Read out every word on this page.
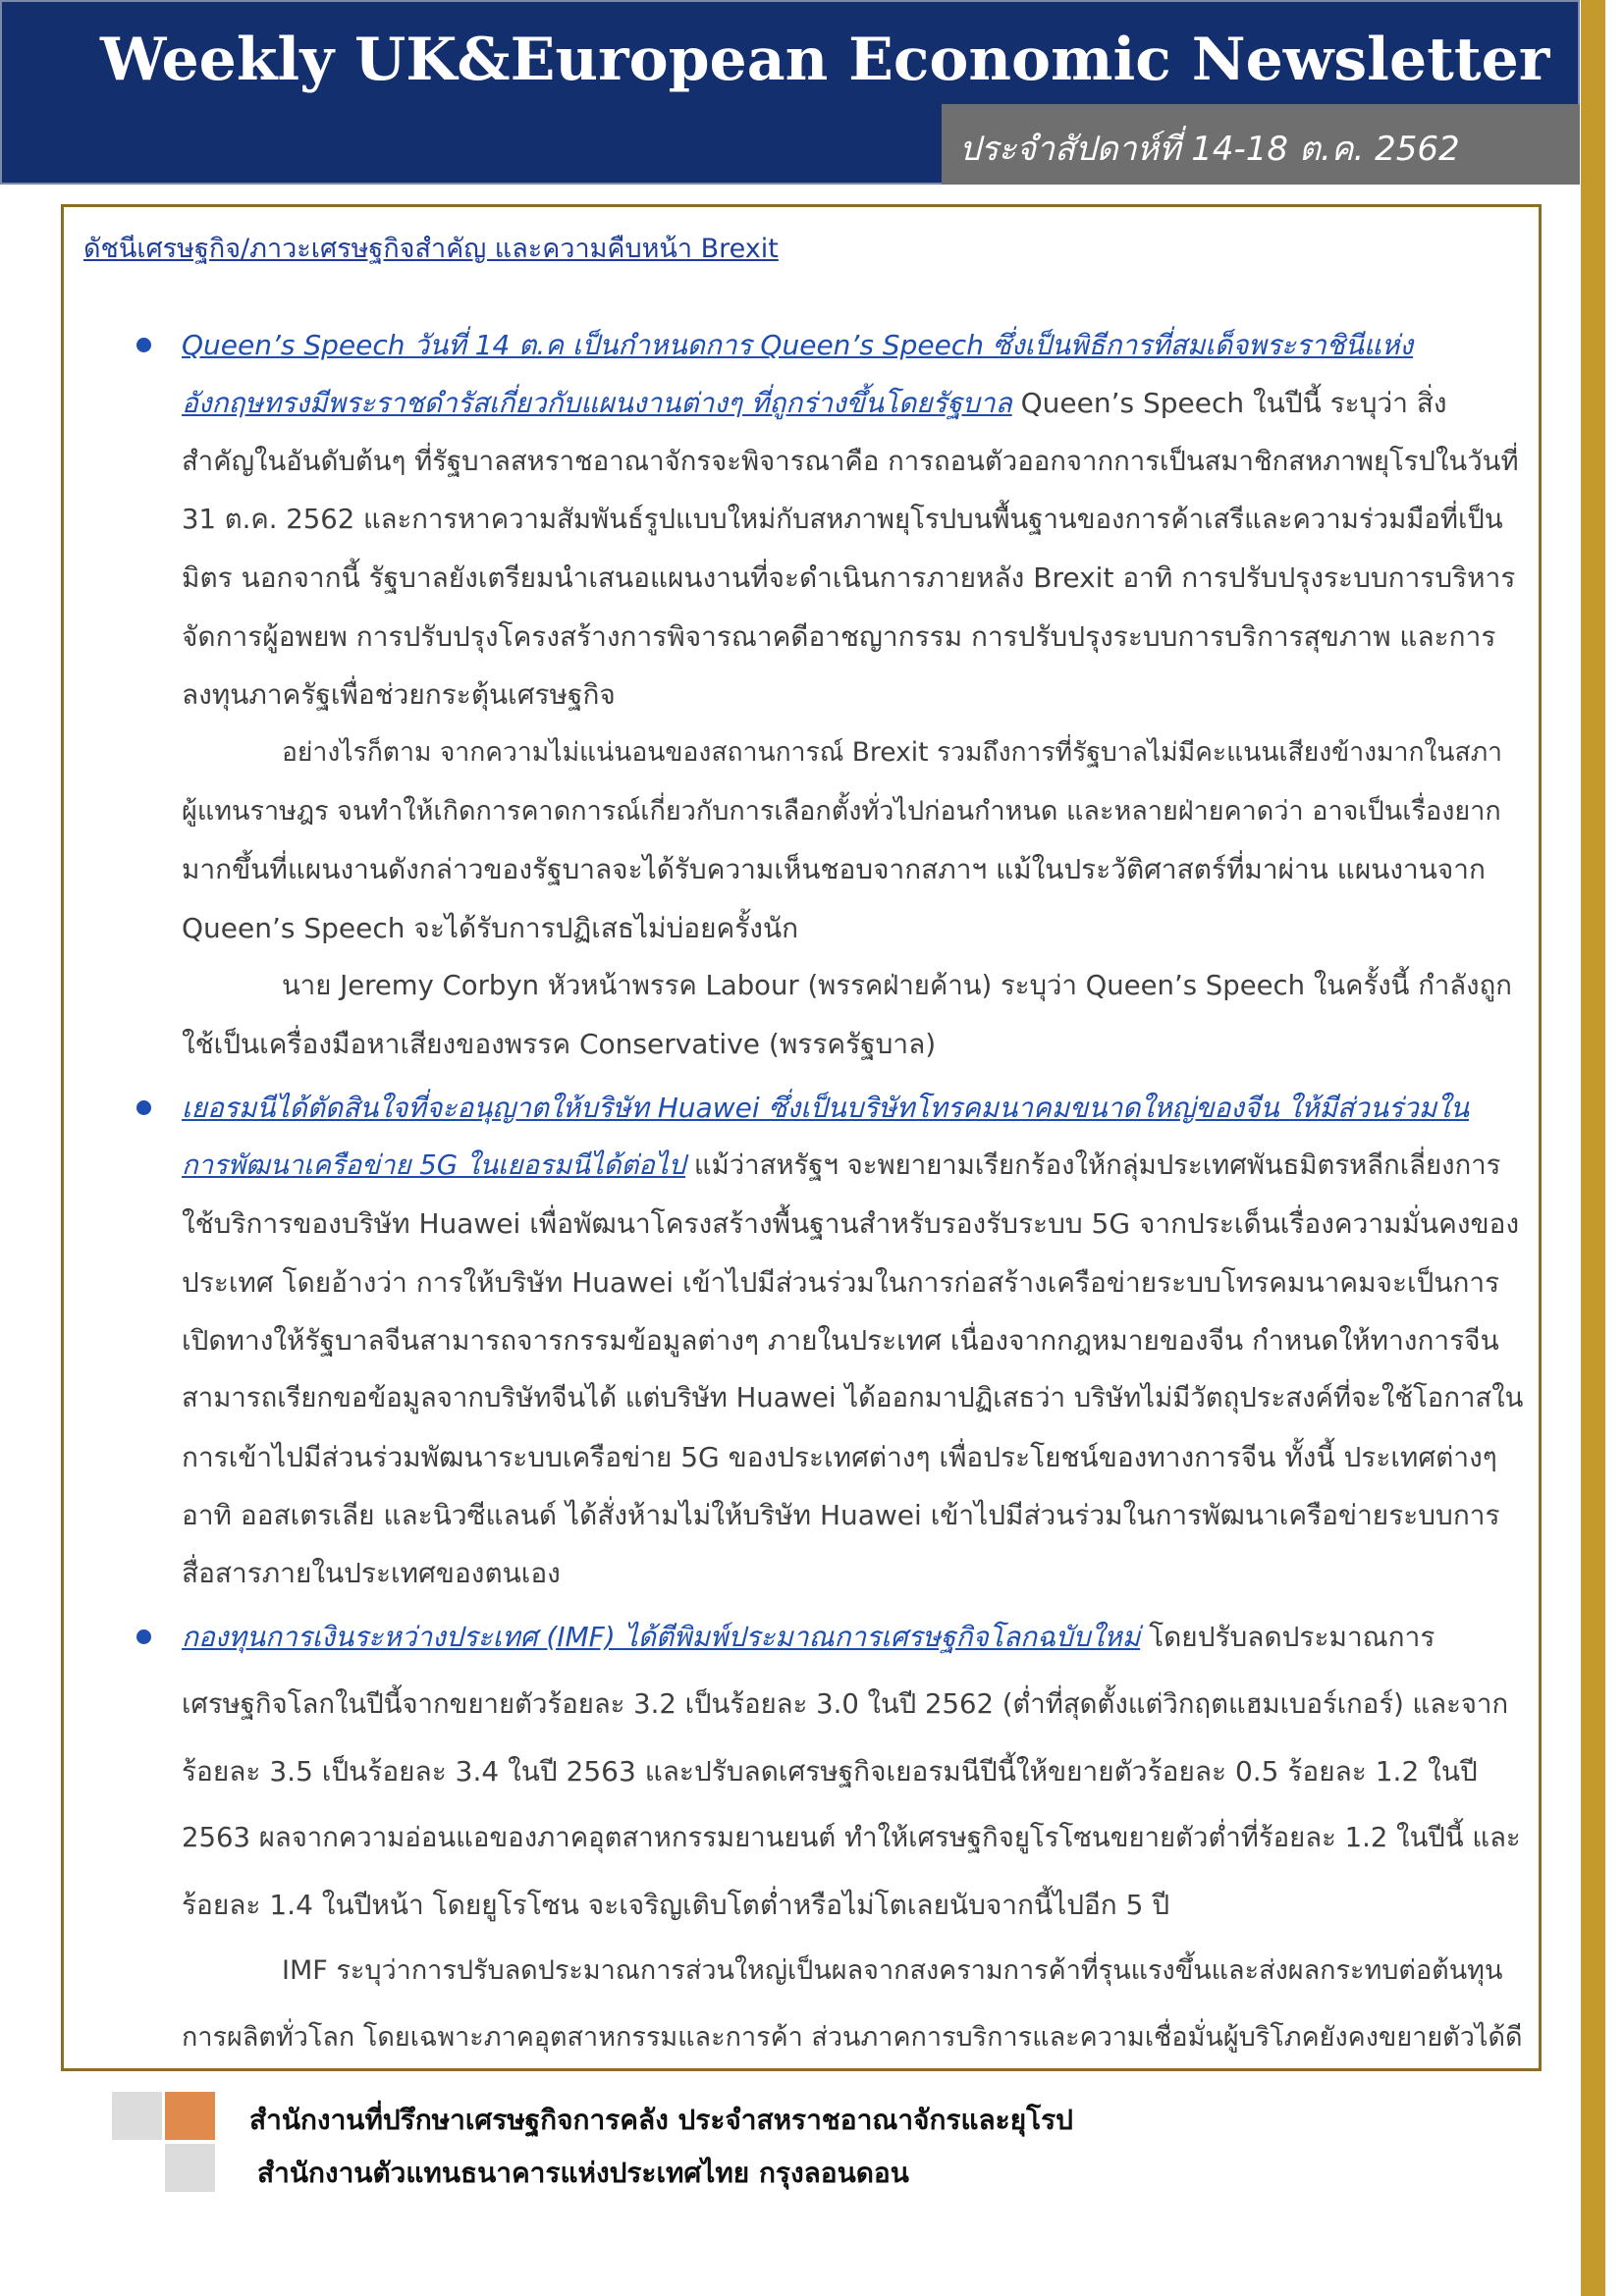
Weekly UK&European Economic Newsletter
ประจำสัปดาห์ที่ 14-18 ต.ค. 2562
ดัชนีเศรษฐกิจ/ภาวะเศรษฐกิจสำคัญ และความคืบหน้า Brexit
Queen’s Speech วันที่ 14 ต.ค เป็นกำหนดการ Queen’s Speech ซึ่งเป็นพิธีการที่สมเด็จพระราชินีแห่ง
อังกฤษทรงมีพระราชดำรัสเกี่ยวกับแผนงานต่างๆ ที่ถูกร่างขึ้นโดยรัฐบาล Queen’s Speech ในปีนี้ ระบุว่า สิ่ง
สำคัญในอันดับต้นๆ ที่รัฐบาลสหราชอาณาจักรจะพิจารณาคือ การถอนตัวออกจากการเป็นสมาชิกสหภาพยุโรปในวันที่
31 ต.ค. 2562 และการหาความสัมพันธ์รูปแบบใหม่กับสหภาพยุโรปบนพื้นฐานของการค้าเสรีและความร่วมมือที่เป็น
มิตร นอกจากนี้ รัฐบาลยังเตรียมนำเสนอแผนงานที่จะดำเนินการภายหลัง Brexit อาทิ การปรับปรุงระบบการบริหาร
จัดการผู้อพยพ การปรับปรุงโครงสร้างการพิจารณาคดีอาชญากรรม การปรับปรุงระบบการบริการสุขภาพ และการ
ลงทุนภาครัฐเพื่อช่วยกระตุ้นเศรษฐกิจ
อย่างไรก็ตาม จากความไม่แน่นอนของสถานการณ์ Brexit รวมถึงการที่รัฐบาลไม่มีคะแนนเสียงข้างมากในสภา
ผู้แทนราษฎร จนทำให้เกิดการคาดการณ์เกี่ยวกับการเลือกตั้งทั่วไปก่อนกำหนด และหลายฝ่ายคาดว่า อาจเป็นเรื่องยาก
มากขึ้นที่แผนงานดังกล่าวของรัฐบาลจะได้รับความเห็นชอบจากสภาฯ แม้ในประวัติศาสตร์ที่มาผ่าน แผนงานจาก
Queen’s Speech จะได้รับการปฏิเสธไม่บ่อยครั้งนัก
นาย Jeremy Corbyn หัวหน้าพรรค Labour (พรรคฝ่ายค้าน) ระบุว่า Queen’s Speech ในครั้งนี้ กำลังถูก
ใช้เป็นเครื่องมือหาเสียงของพรรค Conservative (พรรครัฐบาล)
เยอรมนีได้ตัดสินใจที่จะอนุญาตให้บริษัท Huawei ซึ่งเป็นบริษัทโทรคมนาคมขนาดใหญ่ของจีน ให้มีส่วนร่วมใน
การพัฒนาเครือข่าย 5G ในเยอรมนีได้ต่อไป แม้ว่าสหรัฐฯ จะพยายามเรียกร้องให้กลุ่มประเทศพันธมิตรหลีกเลี่ยงการ
ใช้บริการของบริษัท Huawei เพื่อพัฒนาโครงสร้างพื้นฐานสำหรับรองรับระบบ 5G จากประเด็นเรื่องความมั่นคงของ
ประเทศ โดยอ้างว่า การให้บริษัท Huawei เข้าไปมีส่วนร่วมในการก่อสร้างเครือข่ายระบบโทรคมนาคมจะเป็นการ
เปิดทางให้รัฐบาลจีนสามารถจารกรรมข้อมูลต่างๆ ภายในประเทศ เนื่องจากกฎหมายของจีน กำหนดให้ทางการจีน
สามารถเรียกขอข้อมูลจากบริษัทจีนได้ แต่บริษัท Huawei ได้ออกมาปฏิเสธว่า บริษัทไม่มีวัตถุประสงค์ที่จะใช้โอกาสใน
การเข้าไปมีส่วนร่วมพัฒนาระบบเครือข่าย 5G ของประเทศต่างๆ เพื่อประโยชน์ของทางการจีน ทั้งนี้ ประเทศต่างๆ
อาทิ ออสเตรเลีย และนิวซีแลนด์ ได้สั่งห้ามไม่ให้บริษัท Huawei เข้าไปมีส่วนร่วมในการพัฒนาเครือข่ายระบบการ
สื่อสารภายในประเทศของตนเอง
กองทุนการเงินระหว่างประเทศ (IMF) ได้ตีพิมพ์ประมาณการเศรษฐกิจโลกฉบับใหม่ โดยปรับลดประมาณการ
เศรษฐกิจโลกในปีนี้จากขยายตัวร้อยละ 3.2 เป็นร้อยละ 3.0 ในปี 2562 (ต่ำที่สุดตั้งแต่วิกฤตแฮมเบอร์เกอร์) และจาก
ร้อยละ 3.5 เป็นร้อยละ 3.4 ในปี 2563 และปรับลดเศรษฐกิจเยอรมนีปีนี้ให้ขยายตัวร้อยละ 0.5 ร้อยละ 1.2 ในปี
2563 ผลจากความอ่อนแอของภาคอุตสาหกรรมยานยนต์ ทำให้เศรษฐกิจยูโรโซนขยายตัวต่ำที่ร้อยละ 1.2 ในปีนี้ และ
ร้อยละ 1.4 ในปีหน้า โดยยูโรโซน จะเจริญเติบโตต่ำหรือไม่โตเลยนับจากนี้ไปอีก 5 ปี
IMF ระบุว่าการปรับลดประมาณการส่วนใหญ่เป็นผลจากสงครามการค้าที่รุนแรงขึ้นและส่งผลกระทบต่อต้นทุน
การผลิตทั่วโลก โดยเฉพาะภาคอุตสาหกรรมและการค้า ส่วนภาคการบริการและความเชื่อมั่นผู้บริโภคยังคงขยายตัวได้ดี
สำนักงานที่ปรึกษาเศรษฐกิจการคลัง ประจำสหราชอาณาจักรและยุโรป
สำนักงานตัวแทนธนาคารแห่งประเทศไทย กรุงลอนดอน
